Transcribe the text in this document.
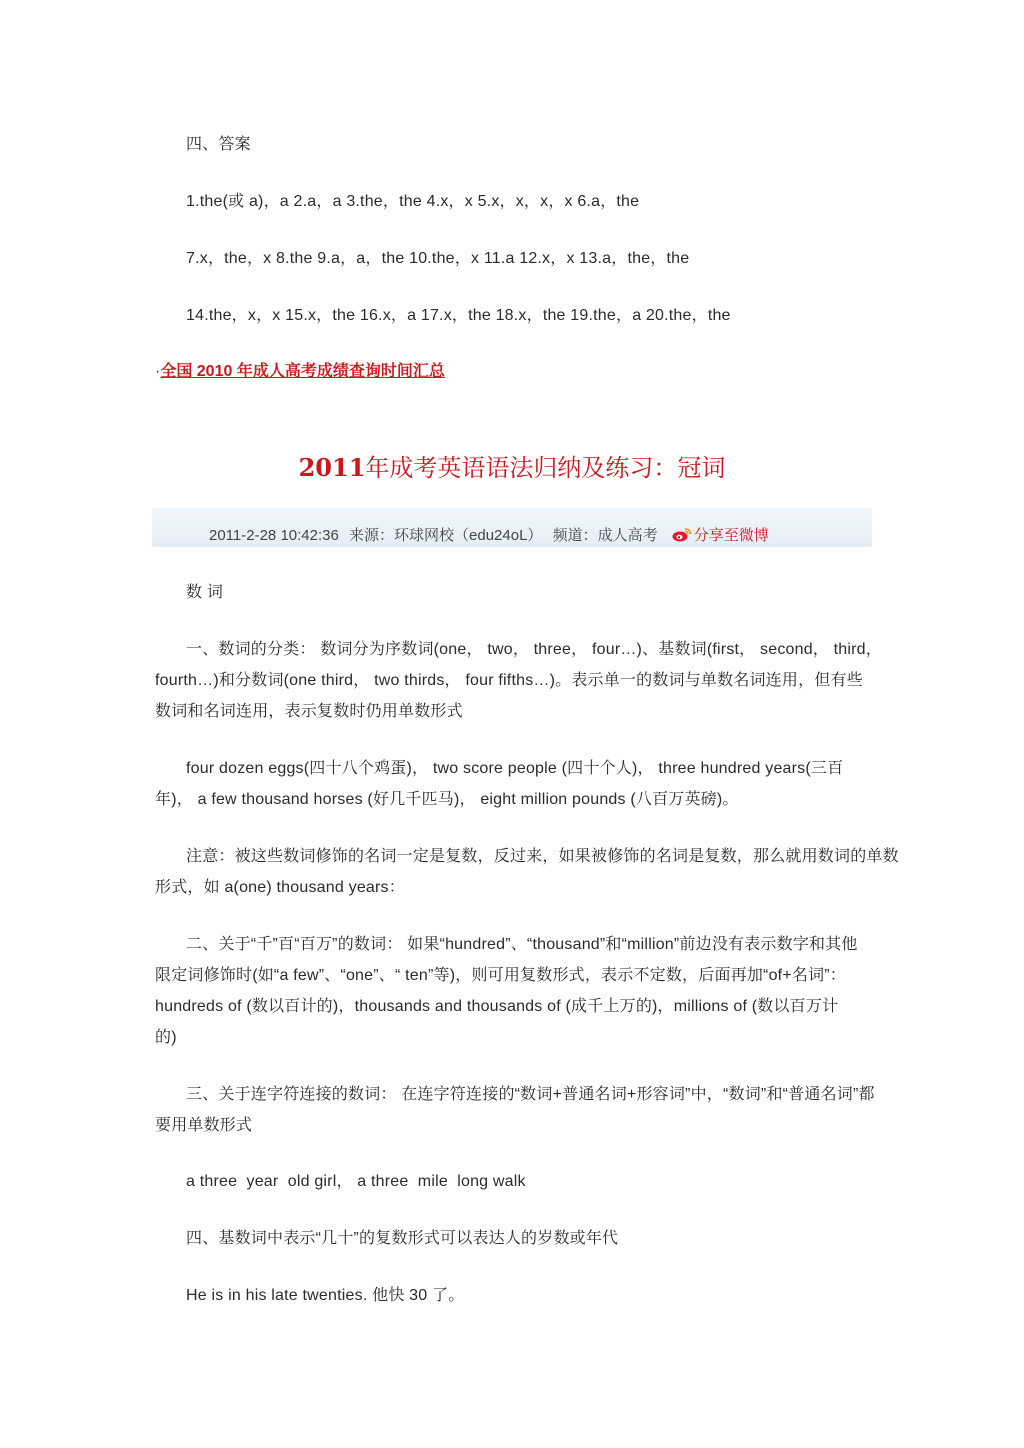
四、答案
1.the(或 a)，a 2.a，a 3.the，the 4.x，x 5.x，x，x，x 6.a，the
7.x，the，x 8.the 9.a，a，the 10.the，x 11.a 12.x，x 13.a，the，the
14.the，x，x 15.x，the 16.x，a 17.x，the 18.x，the 19.the，a 20.the，the
·全国 2010 年成人高考成绩查询时间汇总
2011年成考英语语法归纳及练习：冠词
2011-2-28 10:42:36 来源：环球网校（edu24oL） 频道：成人高考 分享至微博
数 词
一、数词的分类： 数词分为序数词(one， two， three， four…)、基数词(first， second， third，
fourth…)和分数词(one third， two thirds， four fifths…)。表示单一的数词与单数名词连用，但有些
数词和名词连用，表示复数时仍用单数形式
four dozen eggs(四十八个鸡蛋)， two score people (四十个人)， three hundred years(三百
年)， a few thousand horses (好几千匹马)， eight million pounds (八百万英磅)。
注意：被这些数词修饰的名词一定是复数，反过来，如果被修饰的名词是复数，那么就用数词的单数
形式，如 a(one) thousand years：
二、关于“千”百“百万”的数词： 如果“hundred”、“thousand”和“million”前边没有表示数字和其他
限定词修饰时(如“a few”、“one”、“ ten”等)，则可用复数形式，表示不定数，后面再加“of+名词”：
hundreds of (数以百计的)，thousands and thousands of (成千上万的)，millions of (数以百万计
的)
三、关于连字符连接的数词： 在连字符连接的“数词+普通名词+形容词”中，“数词”和“普通名词”都
要用单数形式
a three  year  old girl， a three  mile  long walk
四、基数词中表示“几十”的复数形式可以表达人的岁数或年代
He is in his late twenties. 他快 30 了。
